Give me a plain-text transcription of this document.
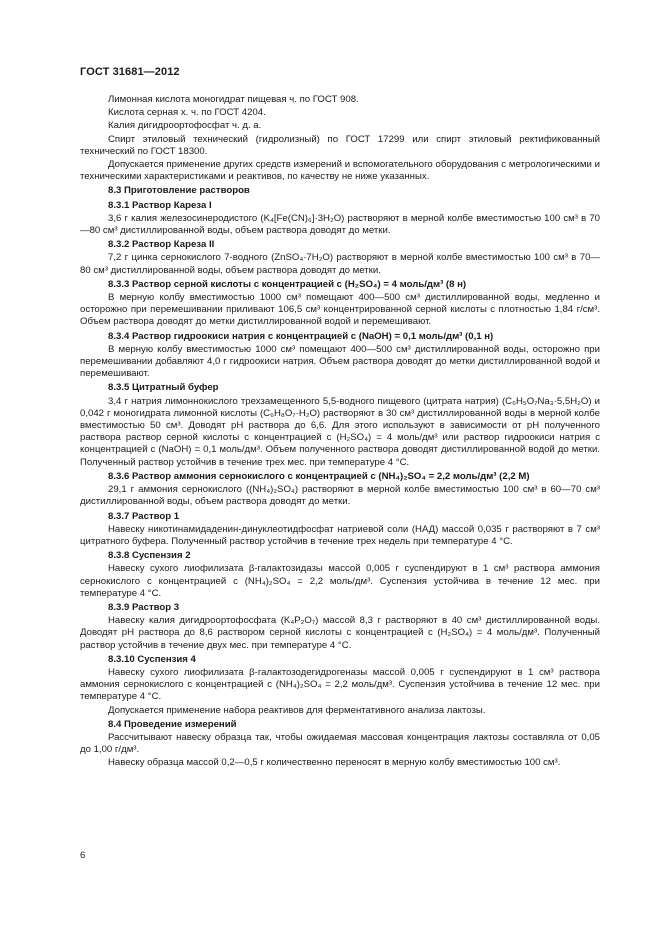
ГОСТ 31681—2012

Лимонная кислота моногидрат пищевая ч. по ГОСТ 908.

Кислота серная х. ч. по ГОСТ 4204.

Калия дигидроортофосфат ч. д. а.

Спирт этиловый технический (гидролизный) по ГОСТ 17299 или спирт этиловый ректификованный технический по ГОСТ 18300.

Допускается применение других средств измерений и вспомогательного оборудования с метрологическими и техническими характеристиками и реактивов, по качеству не ниже указанных.

8.3 Приготовление растворов
8.3.1 Раствор Кареза I

3,6 г калия железосинеродистого (K₄[Fe(CN)₆]·3H₂O) растворяют в мерной колбе вместимостью 100 см³ в 70—80 см³ дистиллированной воды, объем раствора доводят до метки.

8.3.2 Раствор Кареза II

7,2 г цинка сернокислого 7-водного (ZnSO₄·7H₂O) растворяют в мерной колбе вместимостью 100 см³ в 70—80 см³ дистиллированной воды, объем раствора доводят до метки.

8.3.3 Раствор серной кислоты с концентрацией c (H₂SO₄) = 4 моль/дм³ (8 н)

В мерную колбу вместимостью 1000 см³ помещают 400—500 см³ дистиллированной воды, медленно и осторожно при перемешивании приливают 106,5 см³ концентрированной серной кислоты с плотностью 1,84 г/см³. Объем раствора доводят до метки дистиллированной водой и перемешивают.

8.3.4 Раствор гидроокиси натрия с концентрацией c (NaOH) = 0,1 моль/дм³ (0,1 н)

В мерную колбу вместимостью 1000 см³ помещают 400—500 см³ дистиллированной воды, осторожно при перемешивании добавляют 4,0 г гидроокиси натрия. Объем раствора доводят до метки дистиллированной водой и перемешивают.

8.3.5 Цитратный буфер

3,4 г натрия лимоннокислого трехзамещенного 5,5-водного пищевого (цитрата натрия) (C₆H₅O₇Na₃·5,5H₂O) и 0,042 г моногидрата лимонной кислоты (C₆H₈O₇·H₂O) растворяют в 30 см³ дистиллированной воды в мерной колбе вместимостью 50 см³. Доводят pH раствора до 6,6. Для этого используют в зависимости от pH полученного раствора раствор серной кислоты с концентрацией c (H₂SO₄) = 4 моль/дм³ или раствор гидроокиси натрия с концентрацией c (NaOH) = 0,1 моль/дм³. Объем полученного раствора доводят дистиллированной водой до метки. Полученный раствор устойчив в течение трех мес. при температуре 4 °С.

8.3.6 Раствор аммония сернокислого с концентрацией c (NH₄)₂SO₄ = 2,2 моль/дм³ (2,2 М)

29,1 г аммония сернокислого ((NH₄)₂SO₄) растворяют в мерной колбе вместимостью 100 см³ в 60—70 см³ дистиллированной воды, объем раствора доводят до метки.

8.3.7 Раствор 1

Навеску никотинамидаденин-динуклеотидфосфат натриевой соли (НАД) массой 0,035 г растворяют в 7 см³ цитратного буфера. Полученный раствор устойчив в течение трех недель при температуре 4 °С.

8.3.8 Суспензия 2

Навеску сухого лиофилизата β-галактозидазы массой 0,005 г суспендируют в 1 см³ раствора аммония сернокислого с концентрацией c (NH₄)₂SO₄ = 2,2 моль/дм³. Суспензия устойчива в течение 12 мес. при температуре 4 °С.

8.3.9 Раствор 3

Навеску калия дигидроортофосфата (K₄P₂O₇) массой 8,3 г растворяют в 40 см³ дистиллированной воды. Доводят pH раствора до 8,6 раствором серной кислоты с концентрацией c (H₂SO₄) = 4 моль/дм³. Полученный раствор устойчив в течение двух мес. при температуре 4 °С.

8.3.10 Суспензия 4

Навеску сухого лиофилизата β-галактозодегидрогеназы массой 0,005 г суспендируют в 1 см³ раствора аммония сернокислого с концентрацией c (NH₄)₂SO₄ = 2,2 моль/дм³. Суспензия устойчива в течение 12 мес. при температуре 4 °С.

Допускается применение набора реактивов для ферментативного анализа лактозы.

8.4 Проведение измерений

Рассчитывают навеску образца так, чтобы ожидаемая массовая концентрация лактозы составляла от 0,05 до 1,00 г/дм³.

Навеску образца массой 0,2—0,5 г количественно переносят в мерную колбу вместимостью 100 см³.

6
